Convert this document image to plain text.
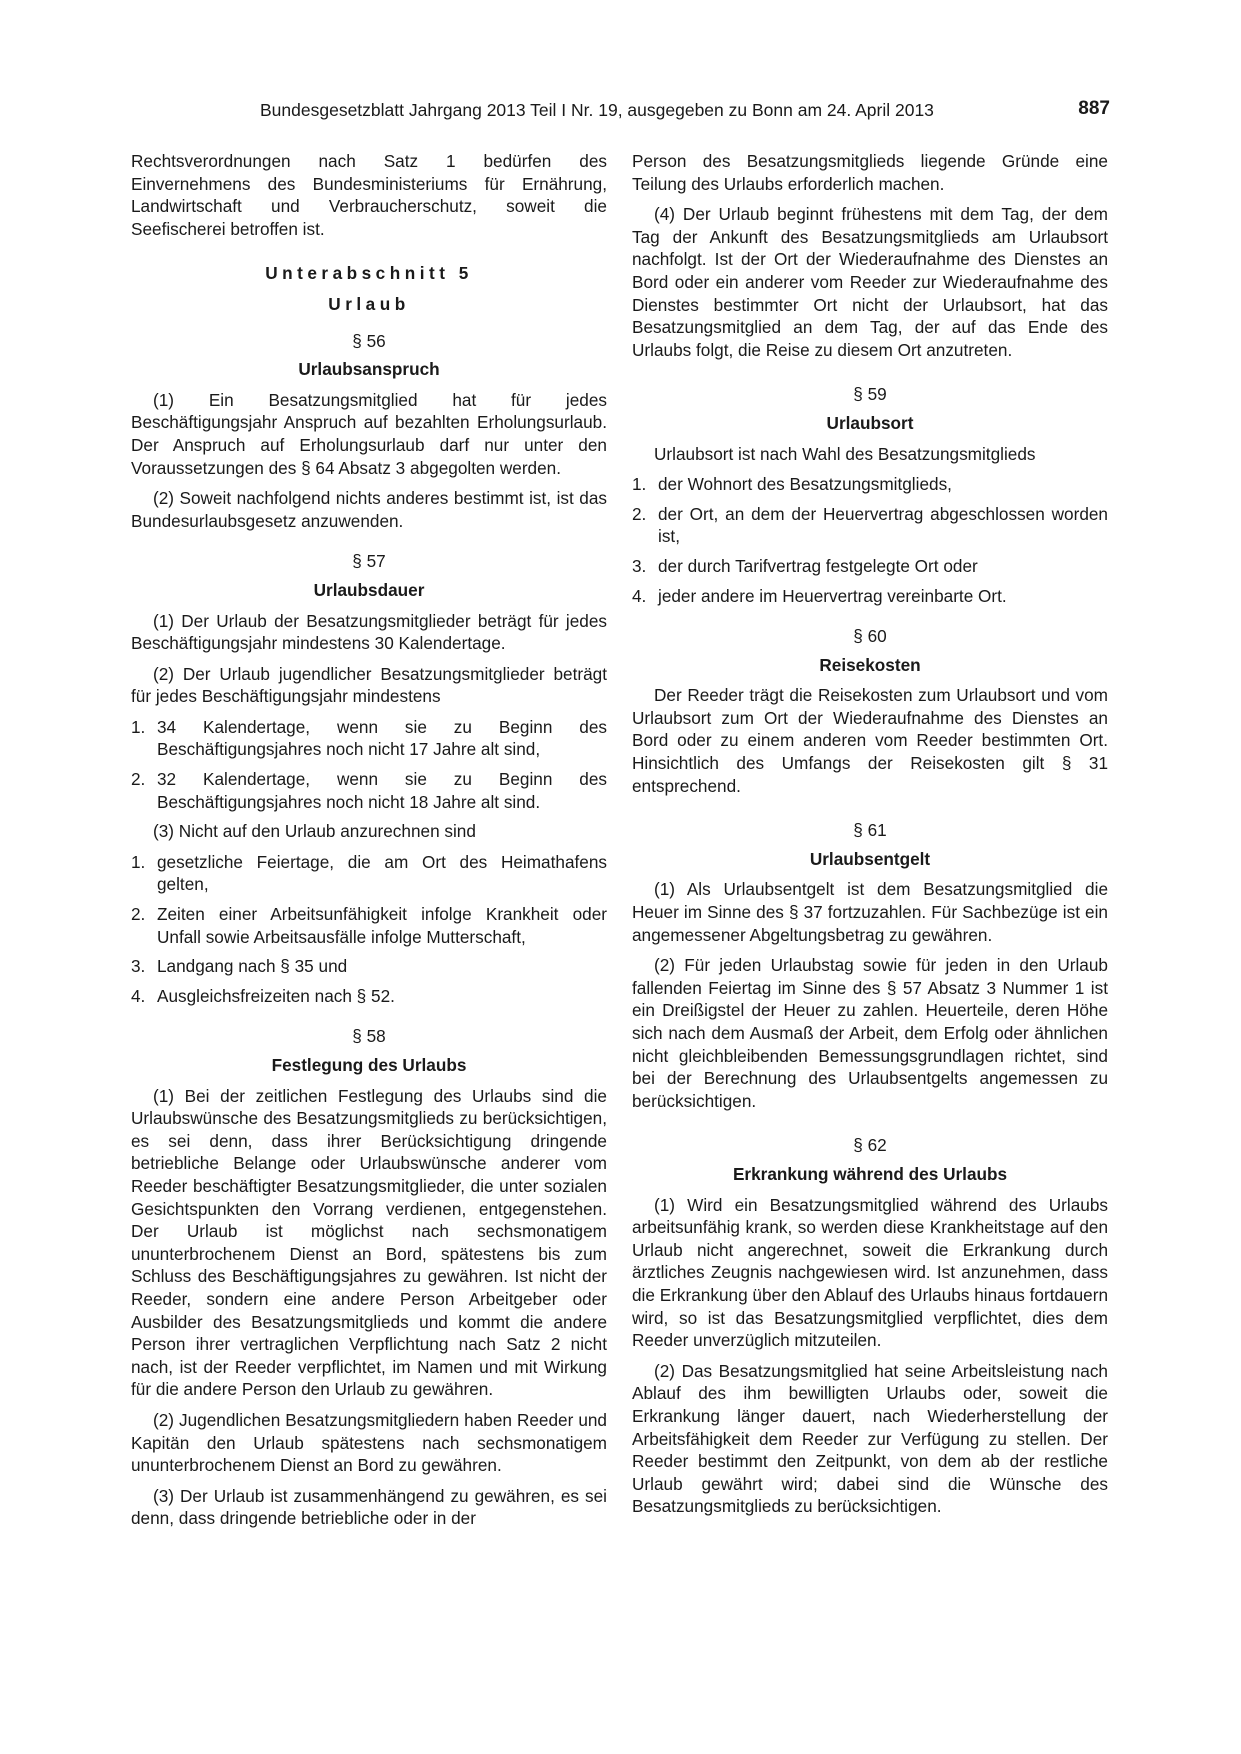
Bundesgesetzblatt Jahrgang 2013 Teil I Nr. 19, ausgegeben zu Bonn am 24. April 2013	887

Rechtsverordnungen nach Satz 1 bedürfen des Einvernehmens des Bundesministeriums für Ernährung, Landwirtschaft und Verbraucherschutz, soweit die Seefischerei betroffen ist.

Unterabschnitt 5
Urlaub
§ 56
Urlaubsanspruch

(1) Ein Besatzungsmitglied hat für jedes Beschäftigungsjahr Anspruch auf bezahlten Erholungsurlaub. Der Anspruch auf Erholungsurlaub darf nur unter den Voraussetzungen des § 64 Absatz 3 abgegolten werden.

(2) Soweit nachfolgend nichts anderes bestimmt ist, ist das Bundesurlaubsgesetz anzuwenden.

§ 57
Urlaubsdauer

(1) Der Urlaub der Besatzungsmitglieder beträgt für jedes Beschäftigungsjahr mindestens 30 Kalendertage.

(2) Der Urlaub jugendlicher Besatzungsmitglieder beträgt für jedes Beschäftigungsjahr mindestens

1. 34 Kalendertage, wenn sie zu Beginn des Beschäftigungsjahres noch nicht 17 Jahre alt sind,
2. 32 Kalendertage, wenn sie zu Beginn des Beschäftigungsjahres noch nicht 18 Jahre alt sind.

(3) Nicht auf den Urlaub anzurechnen sind

1. gesetzliche Feiertage, die am Ort des Heimathafens gelten,
2. Zeiten einer Arbeitsunfähigkeit infolge Krankheit oder Unfall sowie Arbeitsausfälle infolge Mutterschaft,
3. Landgang nach § 35 und
4. Ausgleichsfreizeiten nach § 52.
§ 58
Festlegung des Urlaubs

(1) Bei der zeitlichen Festlegung des Urlaubs sind die Urlaubswünsche des Besatzungsmitglieds zu berücksichtigen, es sei denn, dass ihrer Berücksichtigung dringende betriebliche Belange oder Urlaubswünsche anderer vom Reeder beschäftigter Besatzungsmitglieder, die unter sozialen Gesichtspunkten den Vorrang verdienen, entgegenstehen. Der Urlaub ist möglichst nach sechsmonatigem ununterbrochenem Dienst an Bord, spätestens bis zum Schluss des Beschäftigungsjahres zu gewähren. Ist nicht der Reeder, sondern eine andere Person Arbeitgeber oder Ausbilder des Besatzungsmitglieds und kommt die andere Person ihrer vertraglichen Verpflichtung nach Satz 2 nicht nach, ist der Reeder verpflichtet, im Namen und mit Wirkung für die andere Person den Urlaub zu gewähren.

(2) Jugendlichen Besatzungsmitgliedern haben Reeder und Kapitän den Urlaub spätestens nach sechsmonatigem ununterbrochenem Dienst an Bord zu gewähren.

(3) Der Urlaub ist zusammenhängend zu gewähren, es sei denn, dass dringende betriebliche oder in der

Person des Besatzungsmitglieds liegende Gründe eine Teilung des Urlaubs erforderlich machen.

(4) Der Urlaub beginnt frühestens mit dem Tag, der dem Tag der Ankunft des Besatzungsmitglieds am Urlaubsort nachfolgt. Ist der Ort der Wiederaufnahme des Dienstes an Bord oder ein anderer vom Reeder zur Wiederaufnahme des Dienstes bestimmter Ort nicht der Urlaubsort, hat das Besatzungsmitglied an dem Tag, der auf das Ende des Urlaubs folgt, die Reise zu diesem Ort anzutreten.

§ 59
Urlaubsort

Urlaubsort ist nach Wahl des Besatzungsmitglieds

1. der Wohnort des Besatzungsmitglieds,
2. der Ort, an dem der Heuervertrag abgeschlossen worden ist,
3. der durch Tarifvertrag festgelegte Ort oder
4. jeder andere im Heuervertrag vereinbarte Ort.
§ 60
Reisekosten

Der Reeder trägt die Reisekosten zum Urlaubsort und vom Urlaubsort zum Ort der Wiederaufnahme des Dienstes an Bord oder zu einem anderen vom Reeder bestimmten Ort. Hinsichtlich des Umfangs der Reisekosten gilt § 31 entsprechend.

§ 61
Urlaubsentgelt

(1) Als Urlaubsentgelt ist dem Besatzungsmitglied die Heuer im Sinne des § 37 fortzuzahlen. Für Sachbezüge ist ein angemessener Abgeltungsbetrag zu gewähren.

(2) Für jeden Urlaubstag sowie für jeden in den Urlaub fallenden Feiertag im Sinne des § 57 Absatz 3 Nummer 1 ist ein Dreißigstel der Heuer zu zahlen. Heuerteile, deren Höhe sich nach dem Ausmaß der Arbeit, dem Erfolg oder ähnlichen nicht gleichbleibenden Bemessungsgrundlagen richtet, sind bei der Berechnung des Urlaubsentgelts angemessen zu berücksichtigen.

§ 62
Erkrankung während des Urlaubs

(1) Wird ein Besatzungsmitglied während des Urlaubs arbeitsunfähig krank, so werden diese Krankheitstage auf den Urlaub nicht angerechnet, soweit die Erkrankung durch ärztliches Zeugnis nachgewiesen wird. Ist anzunehmen, dass die Erkrankung über den Ablauf des Urlaubs hinaus fortdauern wird, so ist das Besatzungsmitglied verpflichtet, dies dem Reeder unverzüglich mitzuteilen.

(2) Das Besatzungsmitglied hat seine Arbeitsleistung nach Ablauf des ihm bewilligten Urlaubs oder, soweit die Erkrankung länger dauert, nach Wiederherstellung der Arbeitsfähigkeit dem Reeder zur Verfügung zu stellen. Der Reeder bestimmt den Zeitpunkt, von dem ab der restliche Urlaub gewährt wird; dabei sind die Wünsche des Besatzungsmitglieds zu berücksichtigen.
